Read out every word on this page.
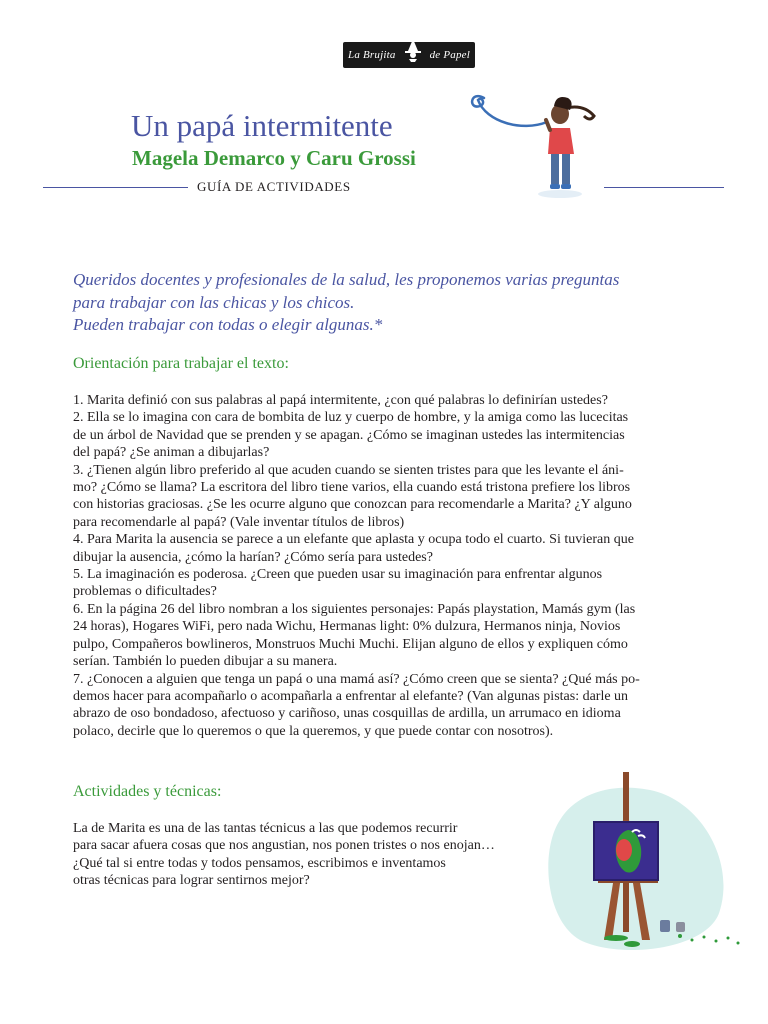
La Brujita	de Papel
Un papá intermitente
Magela Demarco y Caru Grossi
GUÍA DE ACTIVIDADES
Queridos docentes y profesionales de la salud, les proponemos varias preguntas
para trabajar con las chicas y los chicos.
Pueden trabajar con todas o elegir algunas.*
Orientación para trabajar el texto:
1. Marita definió con sus palabras al papá intermitente, ¿con qué palabras lo definirían ustedes?
2. Ella se lo imagina con cara de bombita de luz y cuerpo de hombre, y la amiga como las lucecitas
de un árbol de Navidad que se prenden y se apagan. ¿Cómo se imaginan ustedes las intermitencias
del papá? ¿Se animan a dibujarlas?
3. ¿Tienen algún libro preferido al que acuden cuando se sienten tristes para que les levante el áni-
mo? ¿Cómo se llama? La escritora del libro tiene varios, ella cuando está tristona prefiere los libros
con historias graciosas. ¿Se les ocurre alguno que conozcan para recomendarle a Marita? ¿Y alguno
para recomendarle al papá? (Vale inventar títulos de libros)
4. Para Marita la ausencia se parece a un elefante que aplasta y ocupa todo el cuarto. Si tuvieran que
dibujar la ausencia, ¿cómo la harían? ¿Cómo sería para ustedes?
5. La imaginación es poderosa. ¿Creen que pueden usar su imaginación para enfrentar algunos
problemas o dificultades?
6. En la página 26 del libro nombran a los siguientes personajes: Papás playstation, Mamás gym (las
24 horas), Hogares WiFi, pero nada Wichu, Hermanas light: 0% dulzura, Hermanos ninja, Novios
pulpo, Compañeros bowlineros, Monstruos Muchi Muchi. Elijan alguno de ellos y expliquen cómo
serían. También lo pueden dibujar a su manera.
7. ¿Conocen a alguien que tenga un papá o una mamá así? ¿Cómo creen que se sienta? ¿Qué más po-
demos hacer para acompañarlo o acompañarla a enfrentar al elefante? (Van algunas pistas: darle un
abrazo de oso bondadoso, afectuoso y cariñoso, unas cosquillas de ardilla, un arrumaco en idioma
polaco, decirle que lo queremos o que la queremos, y que puede contar con nosotros).
Actividades y técnicas:
La de Marita es una de las tantas técnicus a las que podemos recurrir
para sacar afuera cosas que nos angustian, nos ponen tristes o nos enojan…
¿Qué tal si entre todas y todos pensamos, escribimos e inventamos
otras técnicas para lograr sentirnos mejor?
